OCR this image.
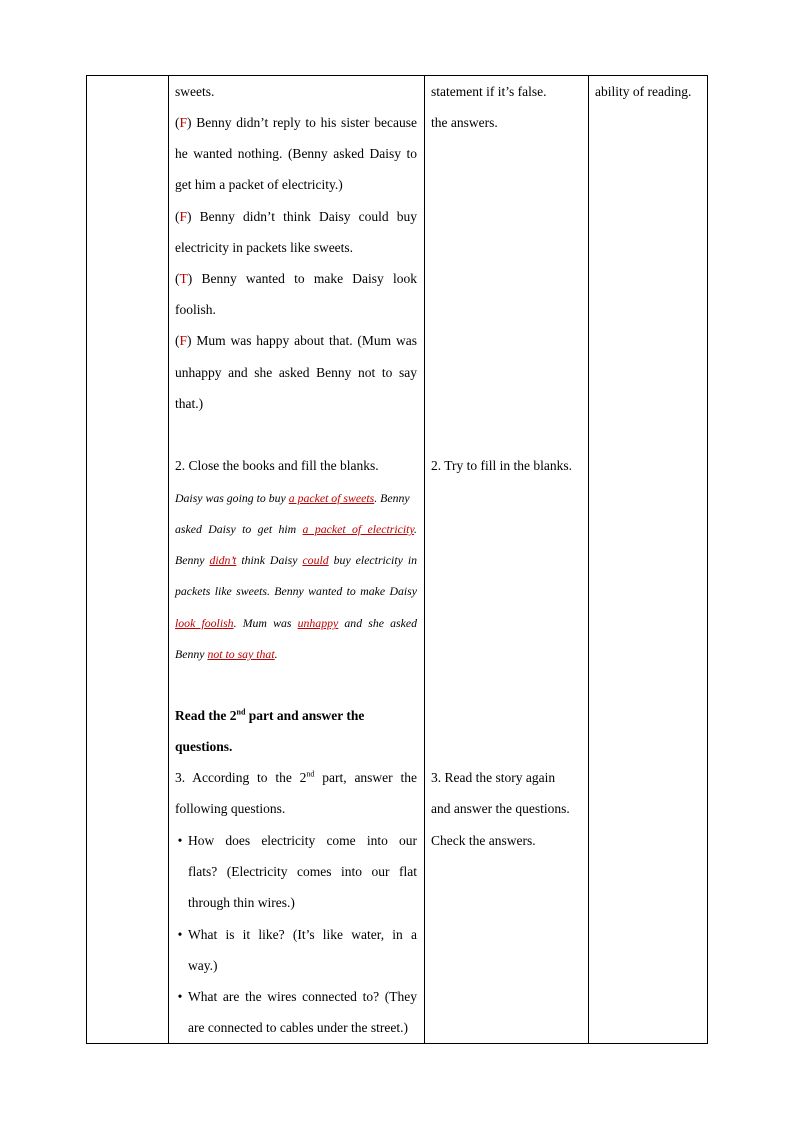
sweets.
(F) Benny didn’t reply to his sister because
he wanted nothing. (Benny asked Daisy to
get him a packet of electricity.)
(F) Benny didn’t think Daisy could buy
electricity in packets like sweets.
(T) Benny wanted to make Daisy look
foolish.
(F) Mum was happy about that. (Mum was
unhappy and she asked Benny not to say
that.)
2. Close the books and fill the blanks.
Daisy was going to buy a packet of sweets. Benny
asked Daisy to get him a packet of electricity.
Benny didn’t think Daisy could buy electricity in
packets like sweets. Benny wanted to make Daisy
look foolish. Mum was unhappy and she asked
Benny not to say that.
Read the 2nd part and answer the
questions.
3. According to the 2nd part, answer the
following questions.
• How does electricity come into our
flats? (Electricity comes into our flat
through thin wires.)
• What is it like? (It’s like water, in a
way.)
• What are the wires connected to? (They
are connected to cables under the street.)
statement if it’s false.
the answers.
2. Try to fill in the blanks.
3. Read the story again
and answer the questions.
Check the answers.
ability of reading.
